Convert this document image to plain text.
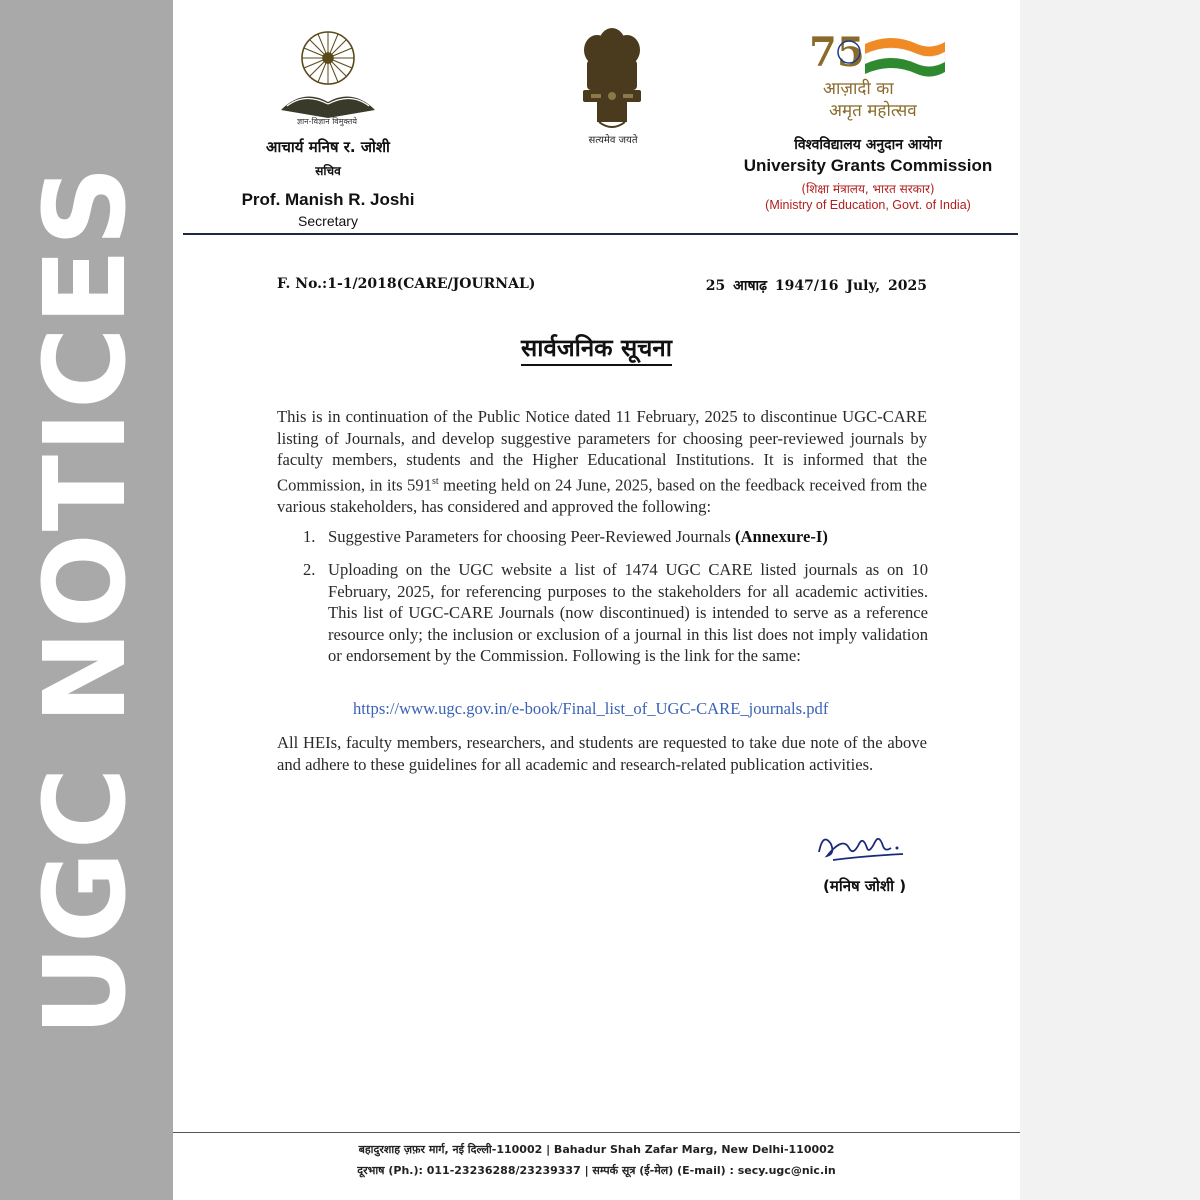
UGC NOTICES
ज्ञान-विज्ञान विमुक्तये
आचार्य मनिष र. जोशी
सचिव
Prof. Manish R. Joshi
Secretary
सत्यमेव जयते
75
आज़ादी का
अमृत महोत्सव
विश्वविद्यालय अनुदान आयोग
University Grants Commission
(शिक्षा मंत्रालय, भारत सरकार)
(Ministry of Education, Govt. of India)
F. No.:1-1/2018(CARE/JOURNAL)	25 आषाढ़ 1947/16 July, 2025
सार्वजनिक सूचना
This is in continuation of the Public Notice dated 11 February, 2025 to discontinue UGC-CARE listing of Journals, and develop suggestive parameters for choosing peer-reviewed journals by faculty members, students and the Higher Educational Institutions. It is informed that the Commission, in its 591st meeting held on 24 June, 2025, based on the feedback received from the various stakeholders, has considered and approved the following:
1. Suggestive Parameters for choosing Peer-Reviewed Journals (Annexure-I)
2. Uploading on the UGC website a list of 1474 UGC CARE listed journals as on 10 February, 2025, for referencing purposes to the stakeholders for all academic activities. This list of UGC-CARE Journals (now discontinued) is intended to serve as a reference resource only; the inclusion or exclusion of a journal in this list does not imply validation or endorsement by the Commission. Following is the link for the same:
https://www.ugc.gov.in/e-book/Final_list_of_UGC-CARE_journals.pdf
All HEIs, faculty members, researchers, and students are requested to take due note of the above and adhere to these guidelines for all academic and research-related publication activities.
(मनिष जोशी )
बहादुरशाह ज़फ़र मार्ग, नई दिल्ली-110002 | Bahadur Shah Zafar Marg, New Delhi-110002
दूरभाष (Ph.): 011-23236288/23239337 | सम्पर्क सूत्र (ई-मेल) (E-mail) : secy.ugc@nic.in
